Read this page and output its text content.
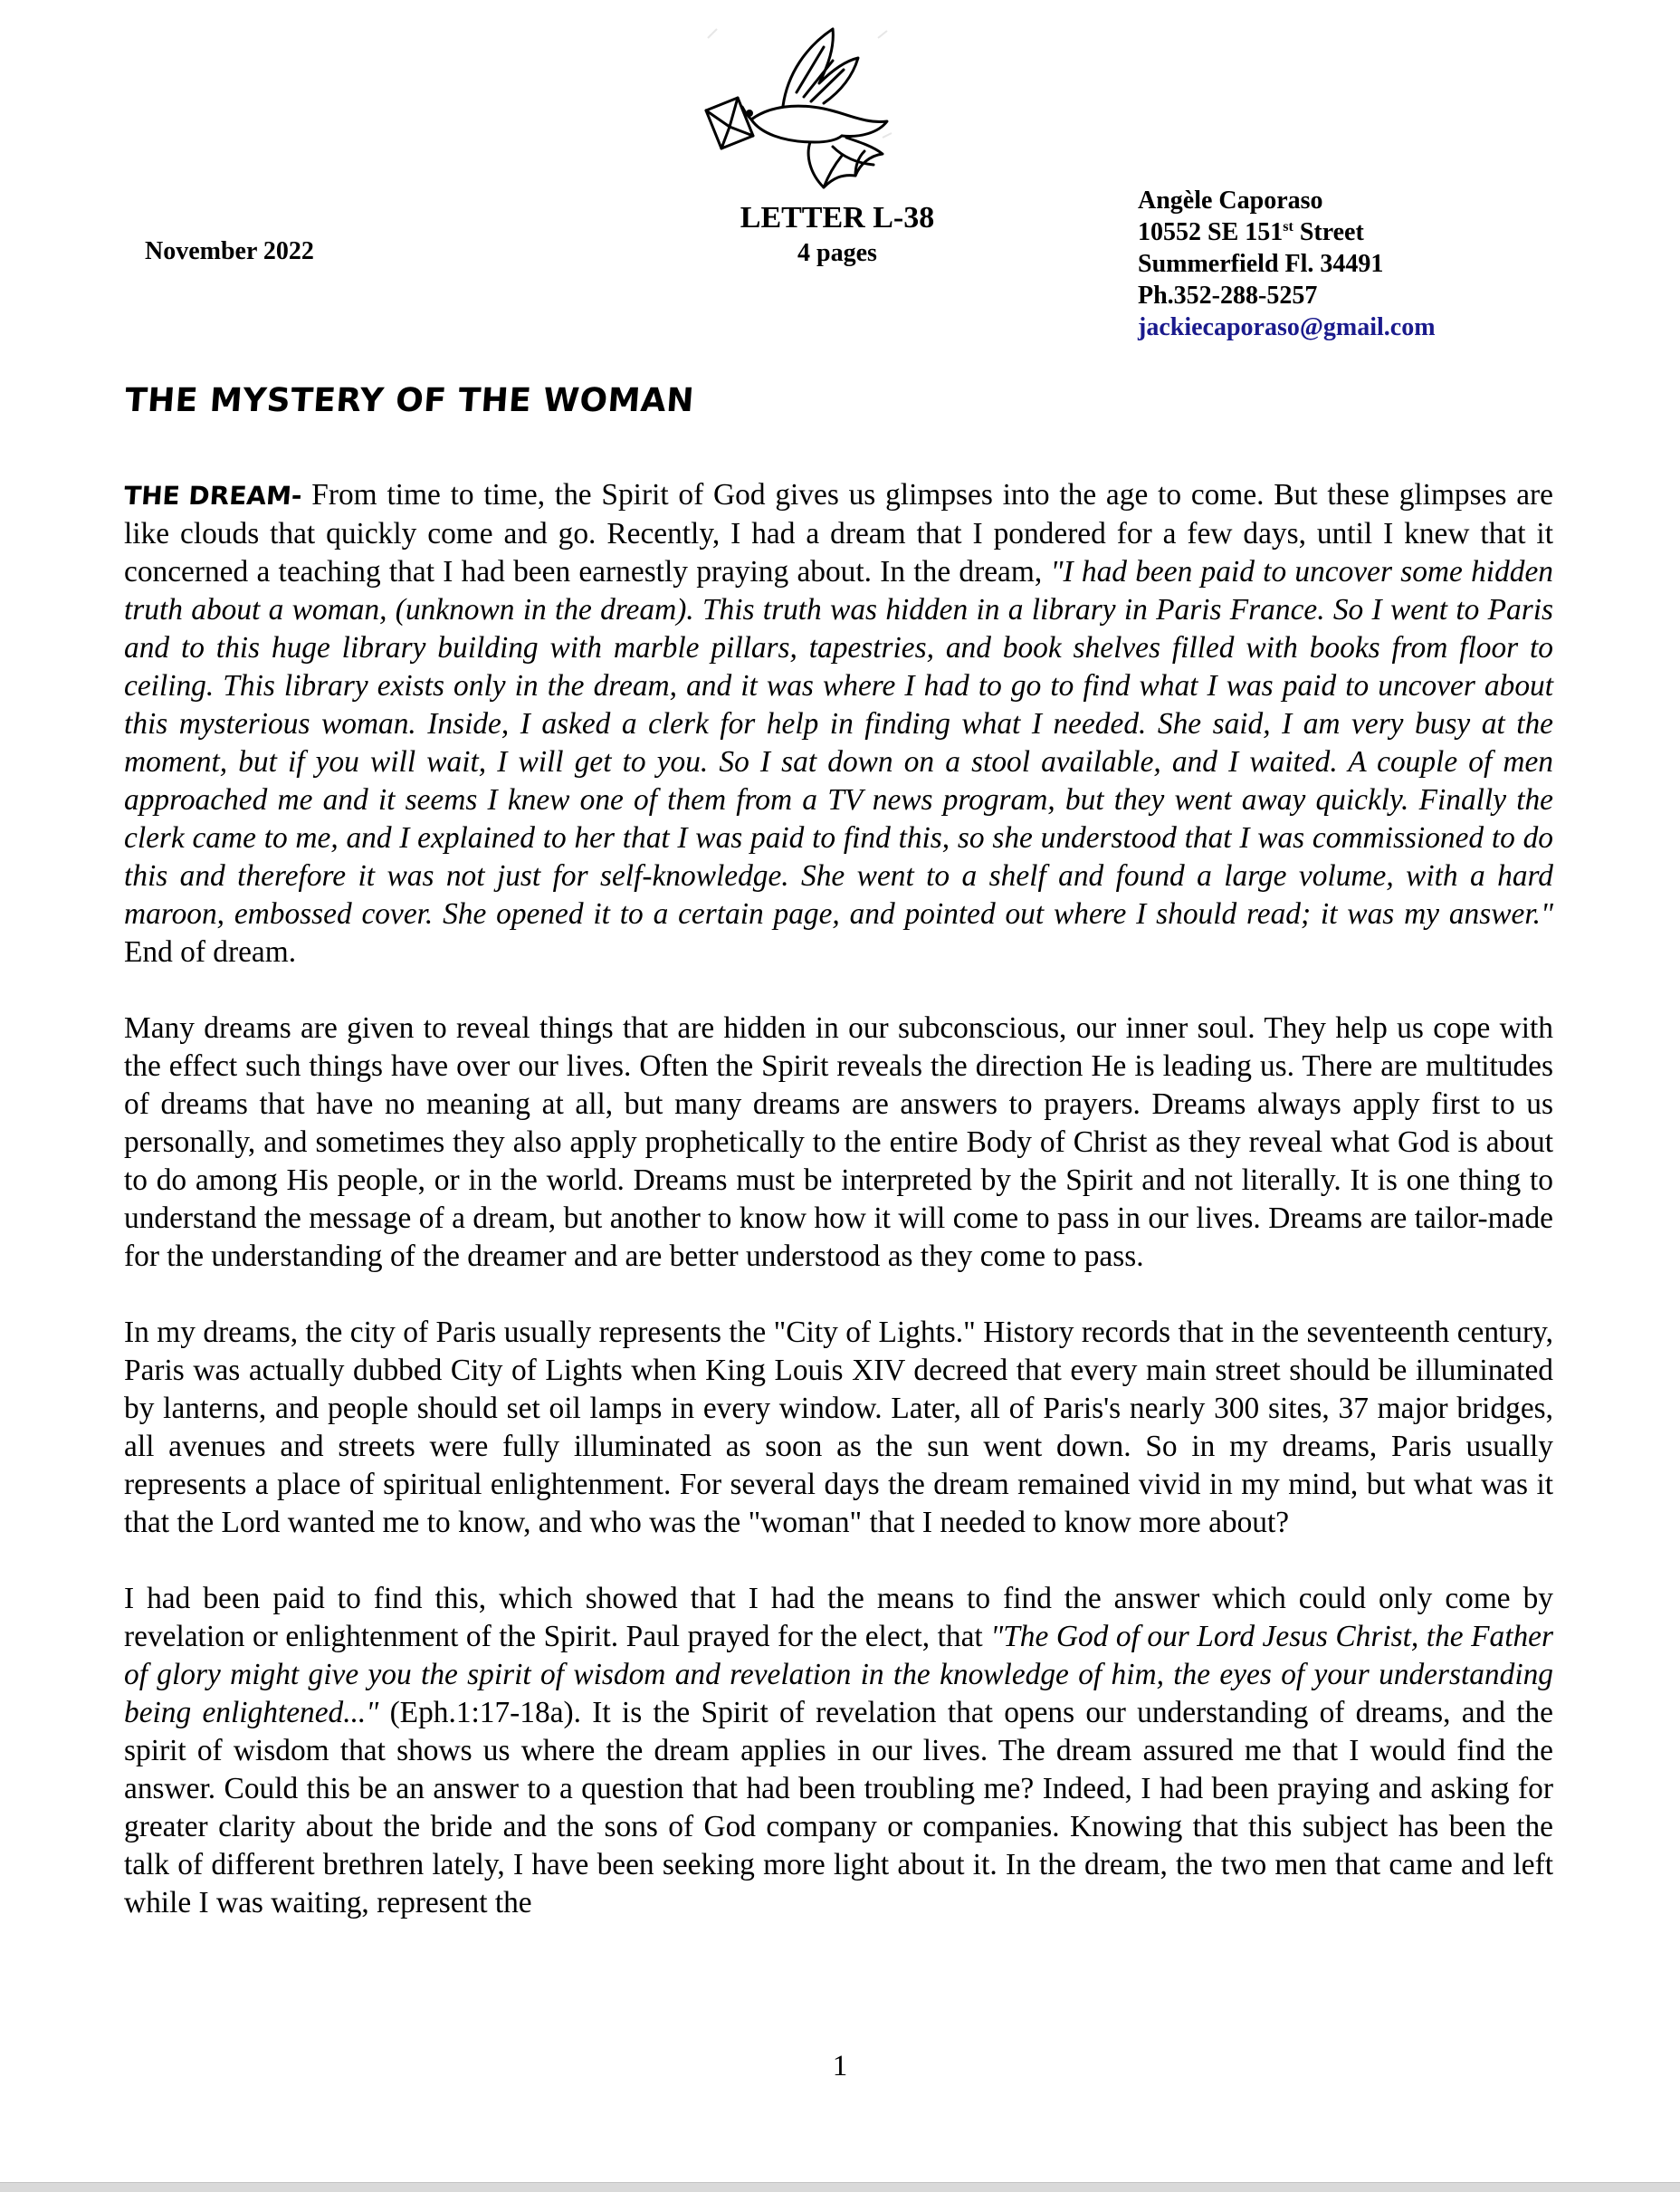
November 2022
LETTER L-38
4 pages
Angèle Caporaso
10552 SE 151st Street
Summerfield Fl. 34491
Ph.352-288-5257
jackiecaporaso@gmail.com
THE MYSTERY OF THE WOMAN

THE DREAM- From time to time, the Spirit of God gives us glimpses into the age to come. But these glimpses are like clouds that quickly come and go. Recently, I had a dream that I pondered for a few days, until I knew that it concerned a teaching that I had been earnestly praying about. In the dream, "I had been paid to uncover some hidden truth about a woman, (unknown in the dream). This truth was hidden in a library in Paris France. So I went to Paris and to this huge library building with marble pillars, tapestries, and book shelves filled with books from floor to ceiling. This library exists only in the dream, and it was where I had to go to find what I was paid to uncover about this mysterious woman. Inside, I asked a clerk for help in finding what I needed. She said, I am very busy at the moment, but if you will wait, I will get to you. So I sat down on a stool available, and I waited. A couple of men approached me and it seems I knew one of them from a TV news program, but they went away quickly. Finally the clerk came to me, and I explained to her that I was paid to find this, so she understood that I was commissioned to do this and therefore it was not just for self-knowledge. She went to a shelf and found a large volume, with a hard maroon, embossed cover. She opened it to a certain page, and pointed out where I should read; it was my answer." End of dream.

Many dreams are given to reveal things that are hidden in our subconscious, our inner soul. They help us cope with the effect such things have over our lives. Often the Spirit reveals the direction He is leading us. There are multitudes of dreams that have no meaning at all, but many dreams are answers to prayers. Dreams always apply first to us personally, and sometimes they also apply prophetically to the entire Body of Christ as they reveal what God is about to do among His people, or in the world. Dreams must be interpreted by the Spirit and not literally. It is one thing to understand the message of a dream, but another to know how it will come to pass in our lives. Dreams are tailor-made for the understanding of the dreamer and are better understood as they come to pass.

In my dreams, the city of Paris usually represents the "City of Lights." History records that in the seventeenth century, Paris was actually dubbed City of Lights when King Louis XIV decreed that every main street should be illuminated by lanterns, and people should set oil lamps in every window. Later, all of Paris's nearly 300 sites, 37 major bridges, all avenues and streets were fully illuminated as soon as the sun went down. So in my dreams, Paris usually represents a place of spiritual enlightenment. For several days the dream remained vivid in my mind, but what was it that the Lord wanted me to know, and who was the "woman" that I needed to know more about?

I had been paid to find this, which showed that I had the means to find the answer which could only come by revelation or enlightenment of the Spirit. Paul prayed for the elect, that "The God of our Lord Jesus Christ, the Father of glory might give you the spirit of wisdom and revelation in the knowledge of him, the eyes of your understanding being enlightened..." (Eph.1:17-18a). It is the Spirit of revelation that opens our understanding of dreams, and the spirit of wisdom that shows us where the dream applies in our lives. The dream assured me that I would find the answer. Could this be an answer to a question that had been troubling me? Indeed, I had been praying and asking for greater clarity about the bride and the sons of God company or companies. Knowing that this subject has been the talk of different brethren lately, I have been seeking more light about it. In the dream, the two men that came and left while I was waiting, represent the

1
